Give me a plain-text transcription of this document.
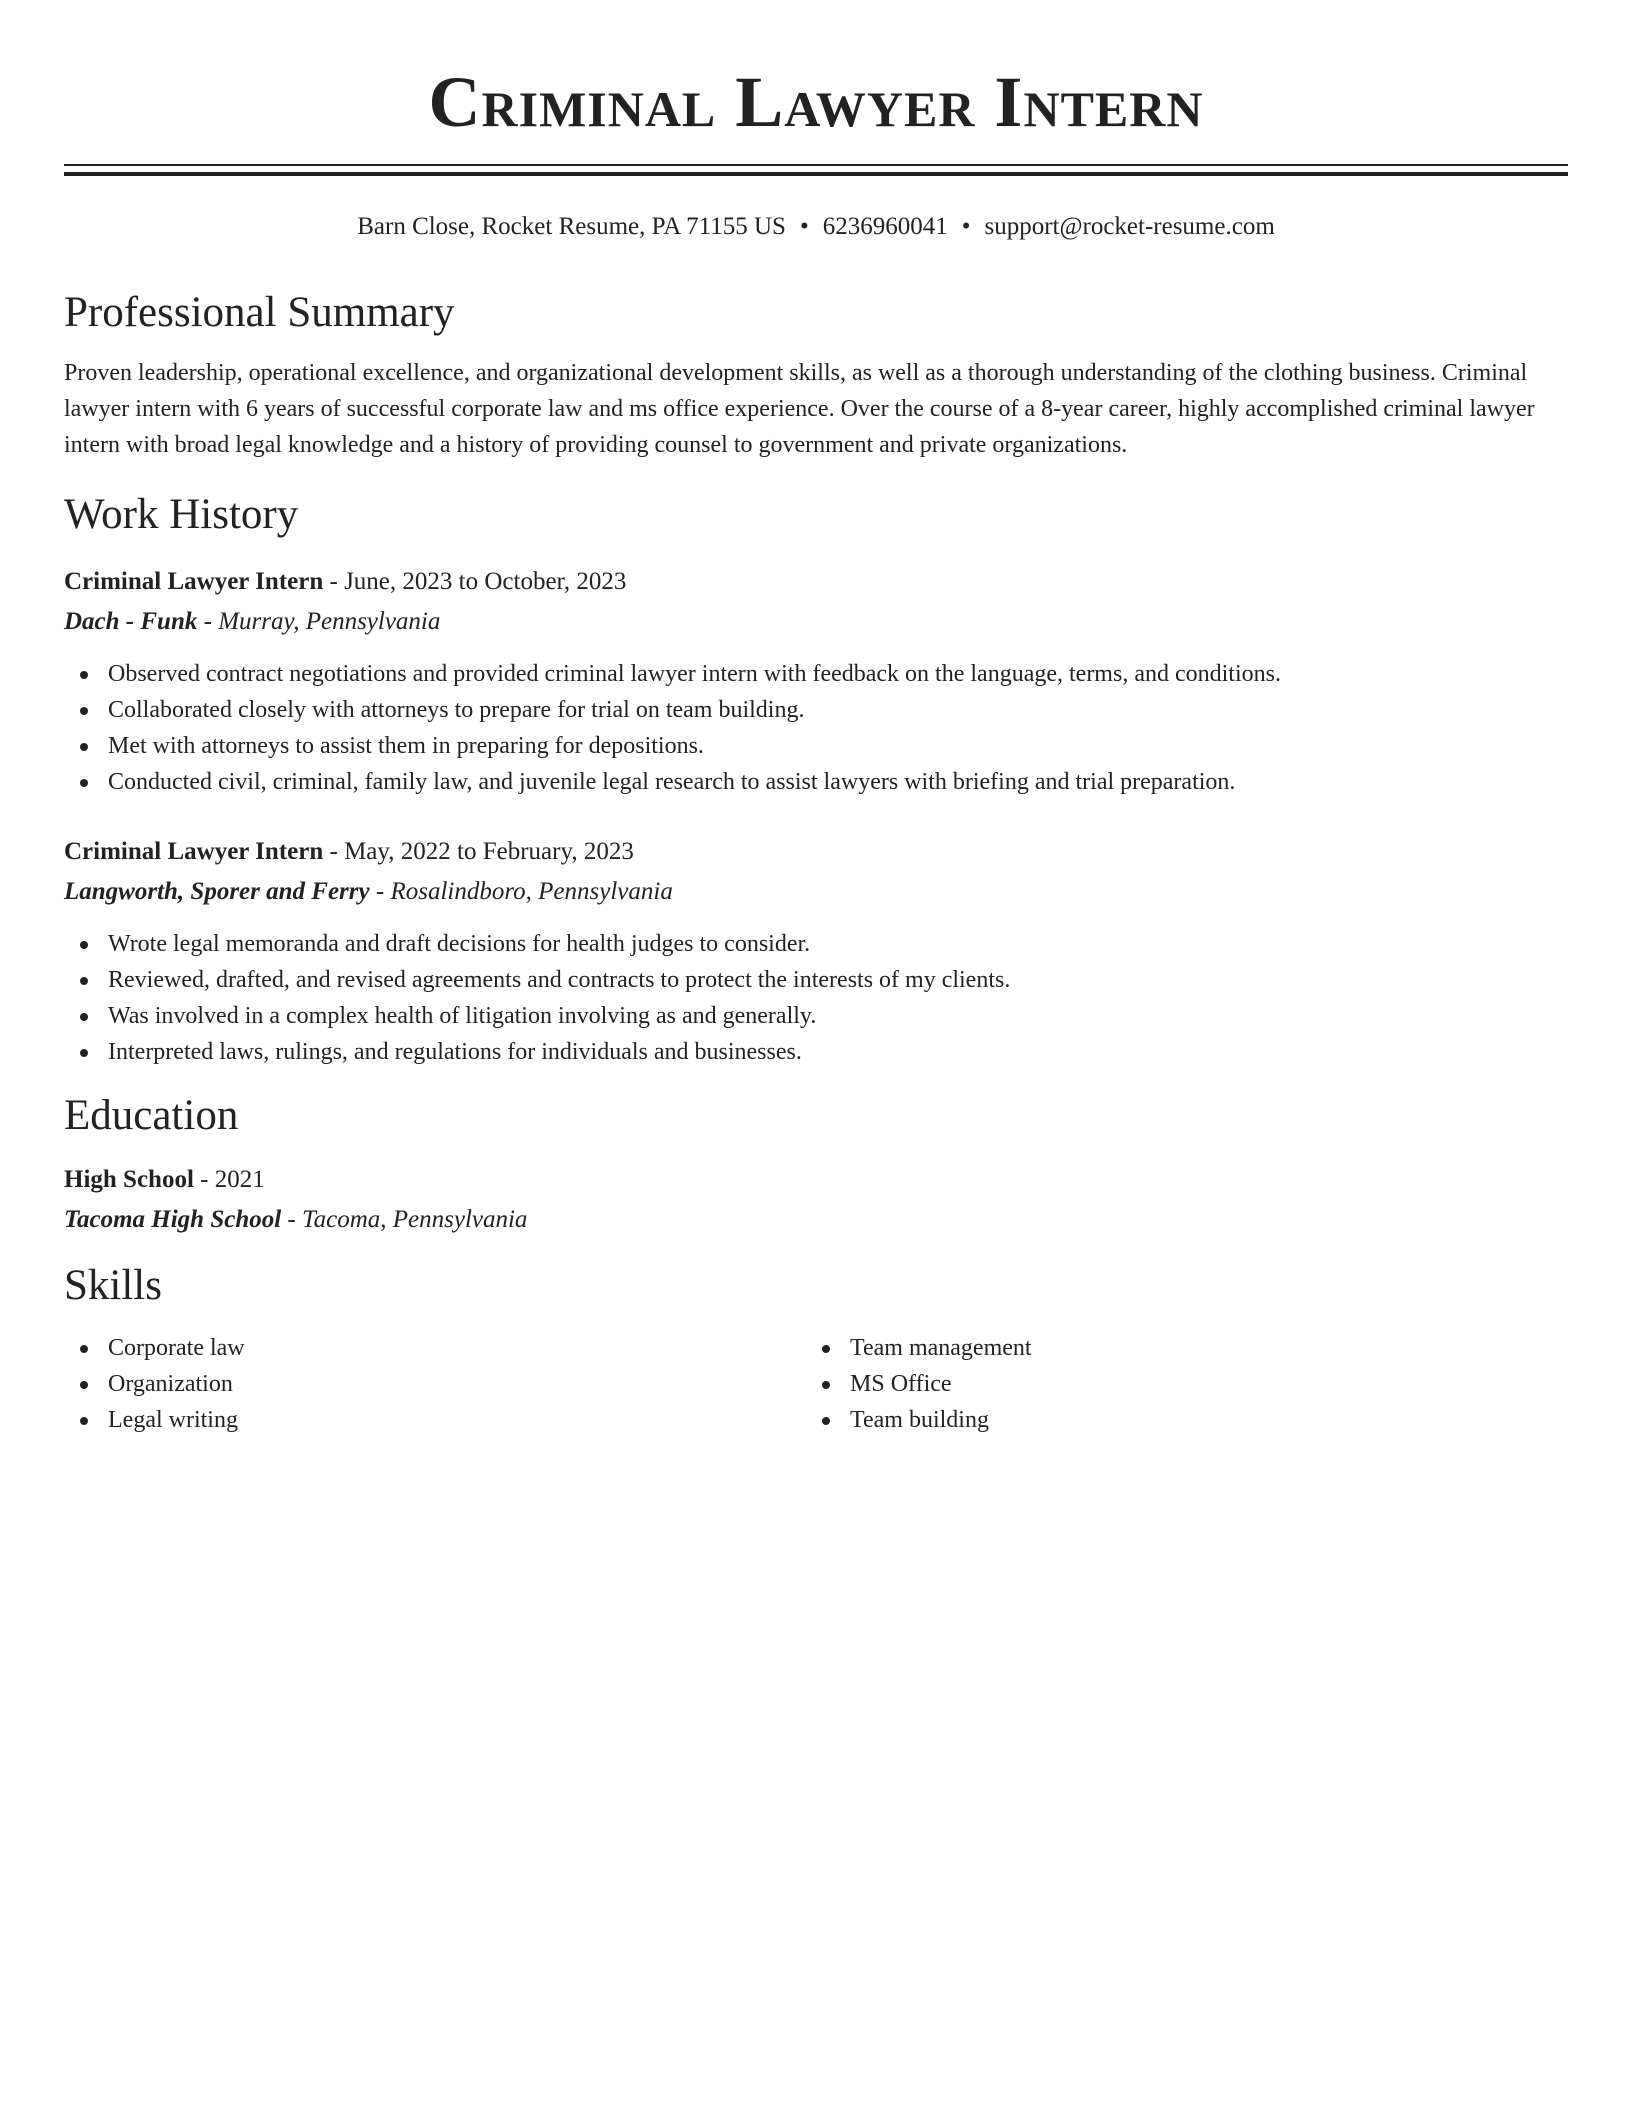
Criminal Lawyer Intern
Barn Close, Rocket Resume, PA 71155 US • 6236960041 • support@rocket-resume.com
Professional Summary
Proven leadership, operational excellence, and organizational development skills, as well as a thorough understanding of the clothing business. Criminal lawyer intern with 6 years of successful corporate law and ms office experience. Over the course of a 8-year career, highly accomplished criminal lawyer intern with broad legal knowledge and a history of providing counsel to government and private organizations.
Work History
Criminal Lawyer Intern - June, 2023 to October, 2023
Dach - Funk - Murray, Pennsylvania
Observed contract negotiations and provided criminal lawyer intern with feedback on the language, terms, and conditions.
Collaborated closely with attorneys to prepare for trial on team building.
Met with attorneys to assist them in preparing for depositions.
Conducted civil, criminal, family law, and juvenile legal research to assist lawyers with briefing and trial preparation.
Criminal Lawyer Intern - May, 2022 to February, 2023
Langworth, Sporer and Ferry - Rosalindboro, Pennsylvania
Wrote legal memoranda and draft decisions for health judges to consider.
Reviewed, drafted, and revised agreements and contracts to protect the interests of my clients.
Was involved in a complex health of litigation involving as and generally.
Interpreted laws, rulings, and regulations for individuals and businesses.
Education
High School - 2021
Tacoma High School - Tacoma, Pennsylvania
Skills
Corporate law
Organization
Legal writing
Team management
MS Office
Team building
